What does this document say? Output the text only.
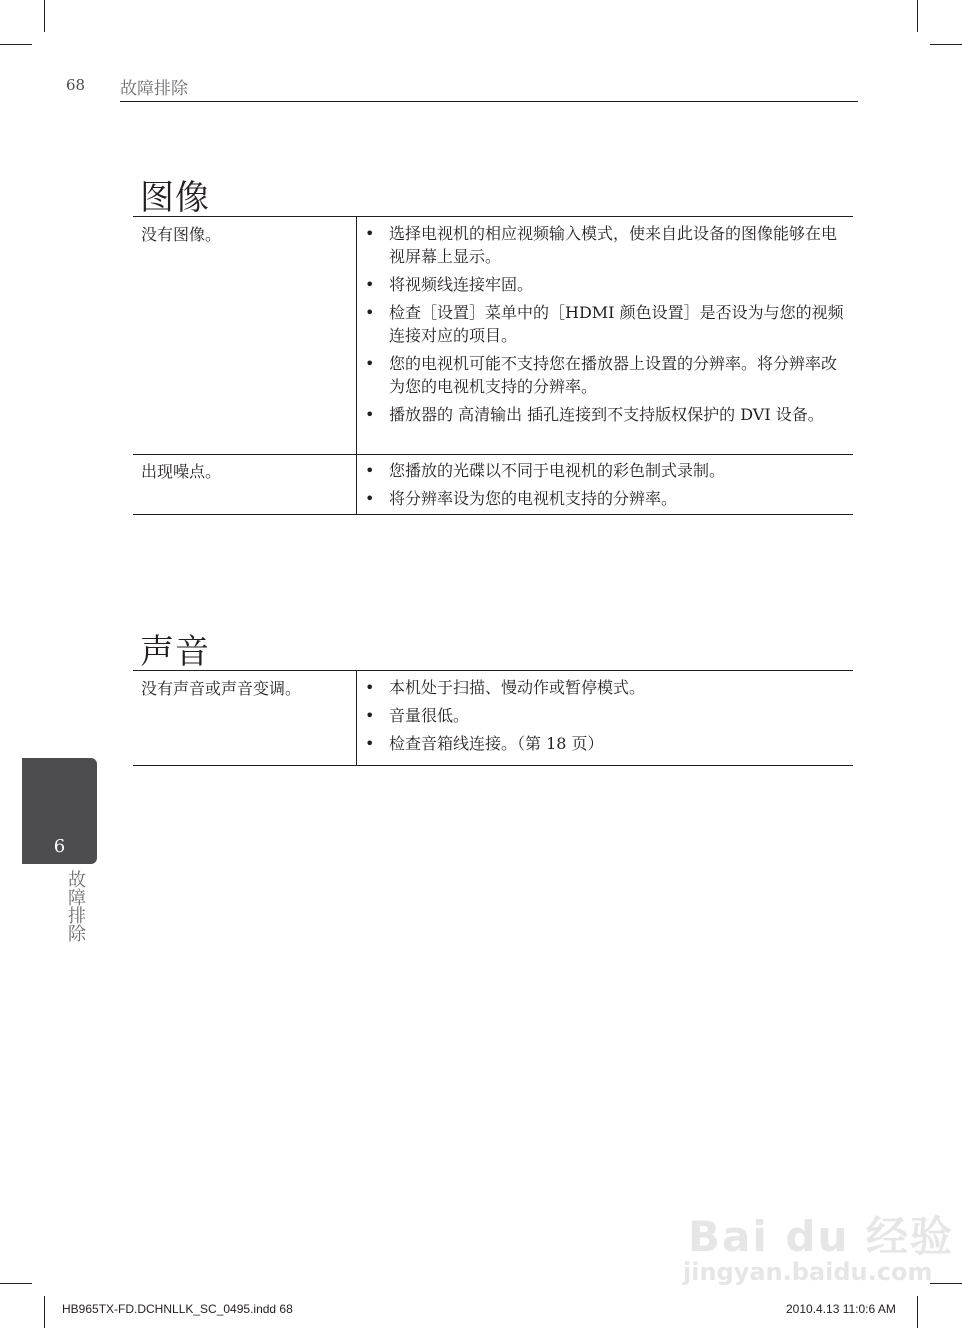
68 故障排除
图像
没有图像。	• 选择电视机的相应视频输入模式，使来自此设备的图像能够在电视屏幕上显示。
• 将视频线连接牢固。
• 检查［设置］菜单中的［HDMI 颜色设置］是否设为与您的视频连接对应的项目。
• 您的电视机可能不支持您在播放器上设置的分辨率。将分辨率改为您的电视机支持的分辨率。
• 播放器的 高清输出 插孔连接到不支持版权保护的 DVI 设备。
出现噪点。	• 您播放的光碟以不同于电视机的彩色制式录制。
• 将分辨率设为您的电视机支持的分辨率。
声音
没有声音或声音变调。	• 本机处于扫描、慢动作或暂停模式。
• 音量很低。
• 检查音箱线连接。（第 18 页）
6
故障排除
Bai du 经验
jingyan.baidu.com
HB965TX-FD.DCHNLLK_SC_0495.indd 68	2010.4.13 11:0:6 AM
